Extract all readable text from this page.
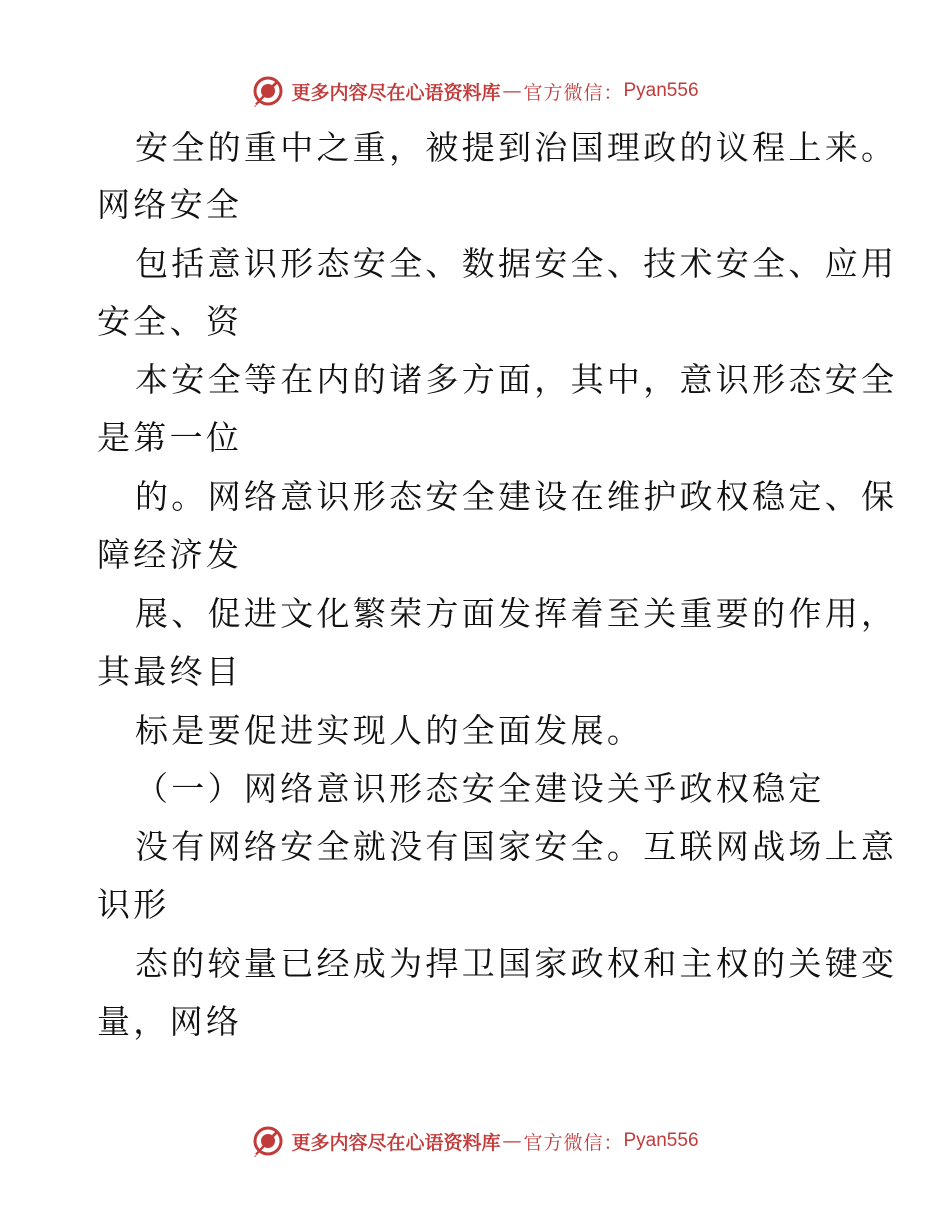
更多内容尽在心语资料库 — 官方微信： Pyan556
安全的重中之重，被提到治国理政的议程上来。
网络安全
包括意识形态安全、数据安全、技术安全、应用
安全、资
本安全等在内的诸多方面，其中，意识形态安全
是第一位
的。网络意识形态安全建设在维护政权稳定、保
障经济发
展、促进文化繁荣方面发挥着至关重要的作用，
其最终目
标是要促进实现人的全面发展。
（一）网络意识形态安全建设关乎政权稳定
没有网络安全就没有国家安全。互联网战场上意
识形
态的较量已经成为捍卫国家政权和主权的关键变
量，网络
更多内容尽在心语资料库 — 官方微信： Pyan556
